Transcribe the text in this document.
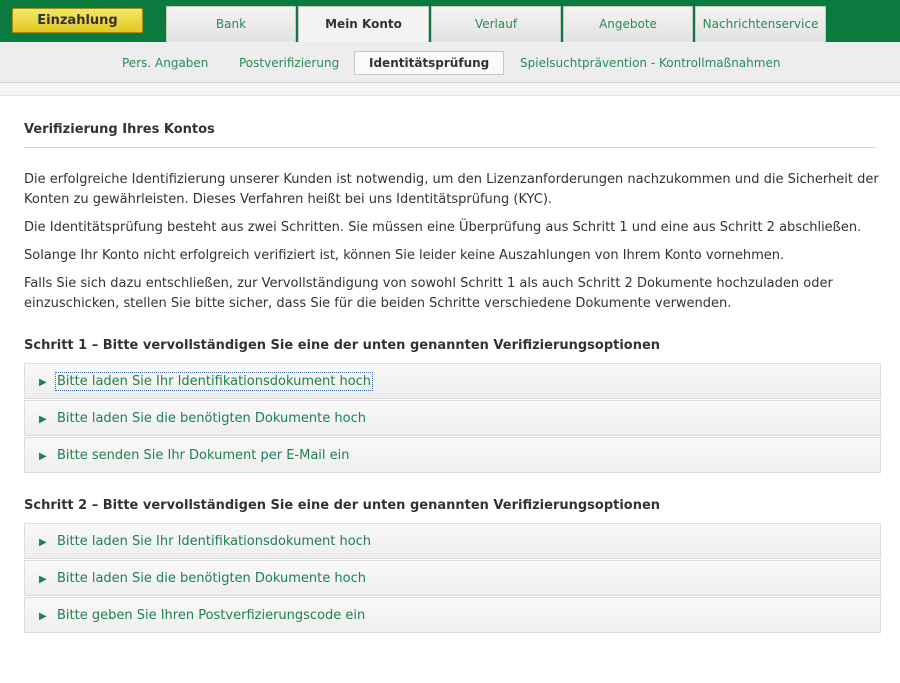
Einzahlung	Bank	Mein Konto	Verlauf	Angebote	Nachrichtenservice
Pers. Angaben	Postverifizierung	Identitätsprüfung	Spielsuchtprävention - Kontrollmaßnahmen
Verifizierung Ihres Kontos

Die erfolgreiche Identifizierung unserer Kunden ist notwendig, um den Lizenzanforderungen nachzukommen und die Sicherheit der Konten zu gewährleisten. Dieses Verfahren heißt bei uns Identitätsprüfung (KYC).

Die Identitätsprüfung besteht aus zwei Schritten. Sie müssen eine Überprüfung aus Schritt 1 und eine aus Schritt 2 abschließen.

Solange Ihr Konto nicht erfolgreich verifiziert ist, können Sie leider keine Auszahlungen von Ihrem Konto vornehmen.

Falls Sie sich dazu entschließen, zur Vervollständigung von sowohl Schritt 1 als auch Schritt 2 Dokumente hochzuladen oder einzuschicken, stellen Sie bitte sicher, dass Sie für die beiden Schritte verschiedene Dokumente verwenden.

Schritt 1 – Bitte vervollständigen Sie eine der unten genannten Verifizierungsoptionen
▶ Bitte laden Sie Ihr Identifikationsdokument hoch
▶ Bitte laden Sie die benötigten Dokumente hoch
▶ Bitte senden Sie Ihr Dokument per E-Mail ein
Schritt 2 – Bitte vervollständigen Sie eine der unten genannten Verifizierungsoptionen
▶ Bitte laden Sie Ihr Identifikationsdokument hoch
▶ Bitte laden Sie die benötigten Dokumente hoch
▶ Bitte geben Sie Ihren Postverfizierungscode ein
